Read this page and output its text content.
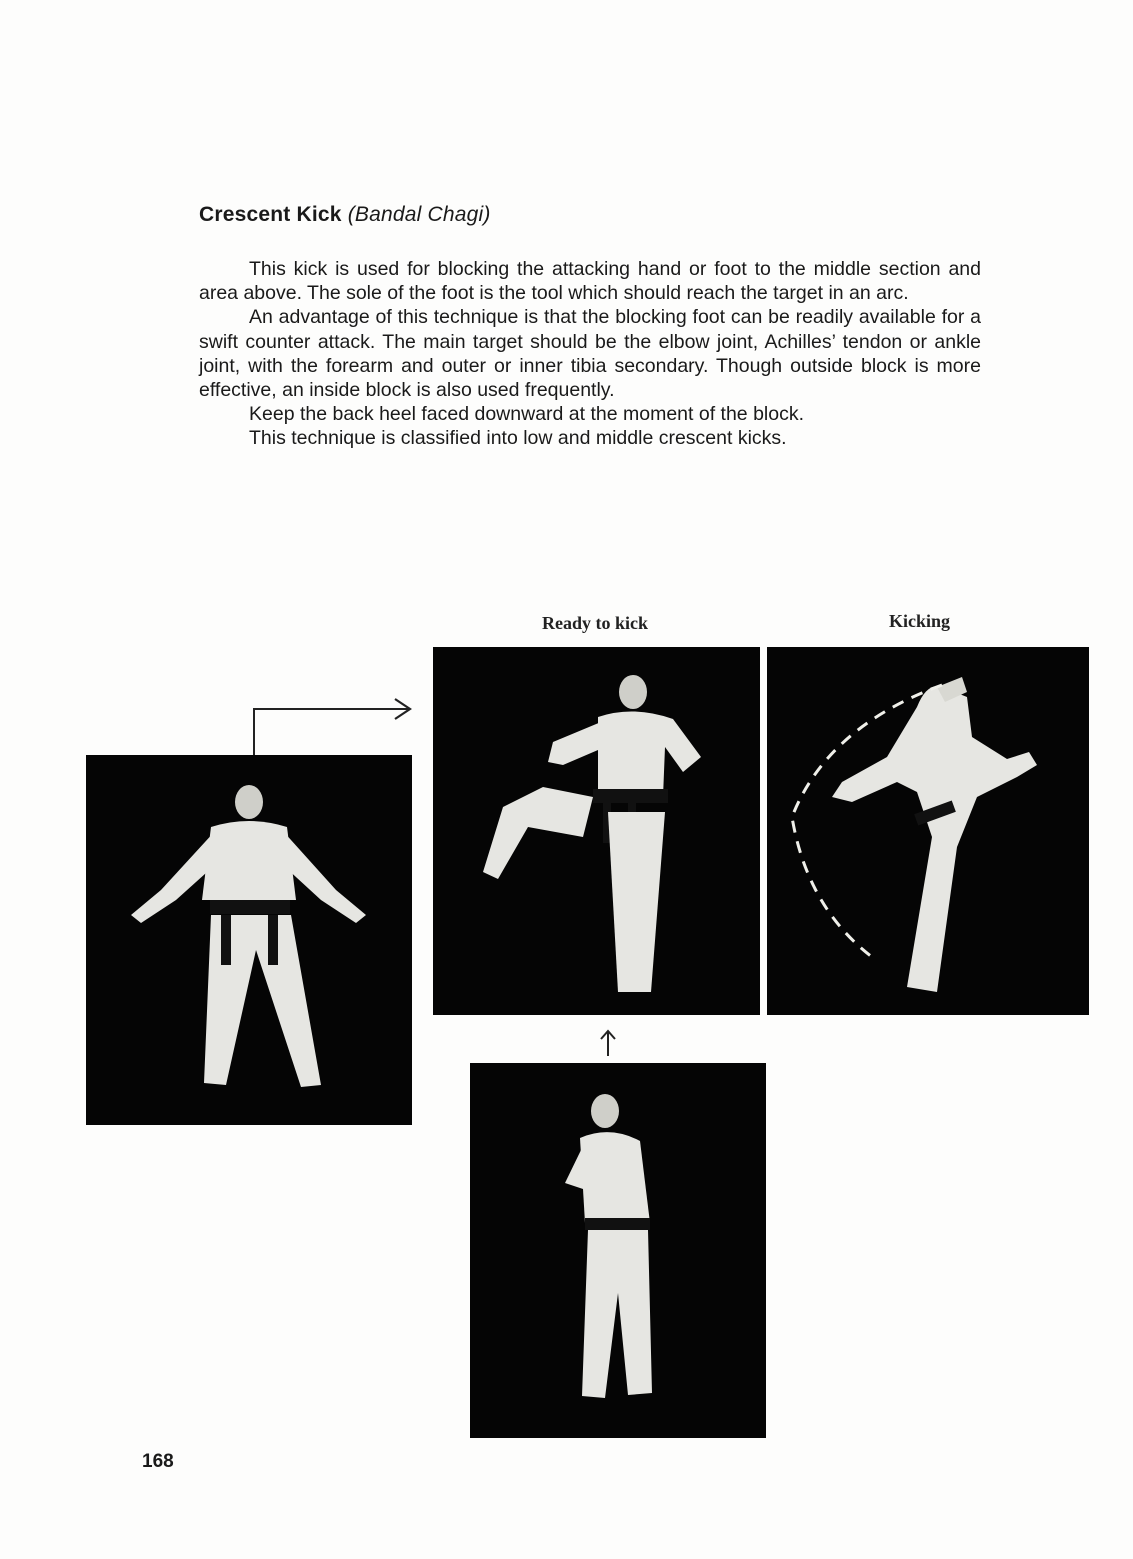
Crescent Kick (Bandal Chagi)

This kick is used for blocking the attacking hand or foot to the middle section and area above. The sole of the foot is the tool which should reach the target in an arc.

An advantage of this technique is that the blocking foot can be readily available for a swift counter attack. The main target should be the elbow joint, Achilles’ tendon or ankle joint, with the forearm and outer or inner tibia secondary. Though outside block is more effective, an inside block is also used frequently.

Keep the back heel faced downward at the moment of the block.

This technique is classified into low and middle crescent kicks.

Ready to kick	Kicking
168
